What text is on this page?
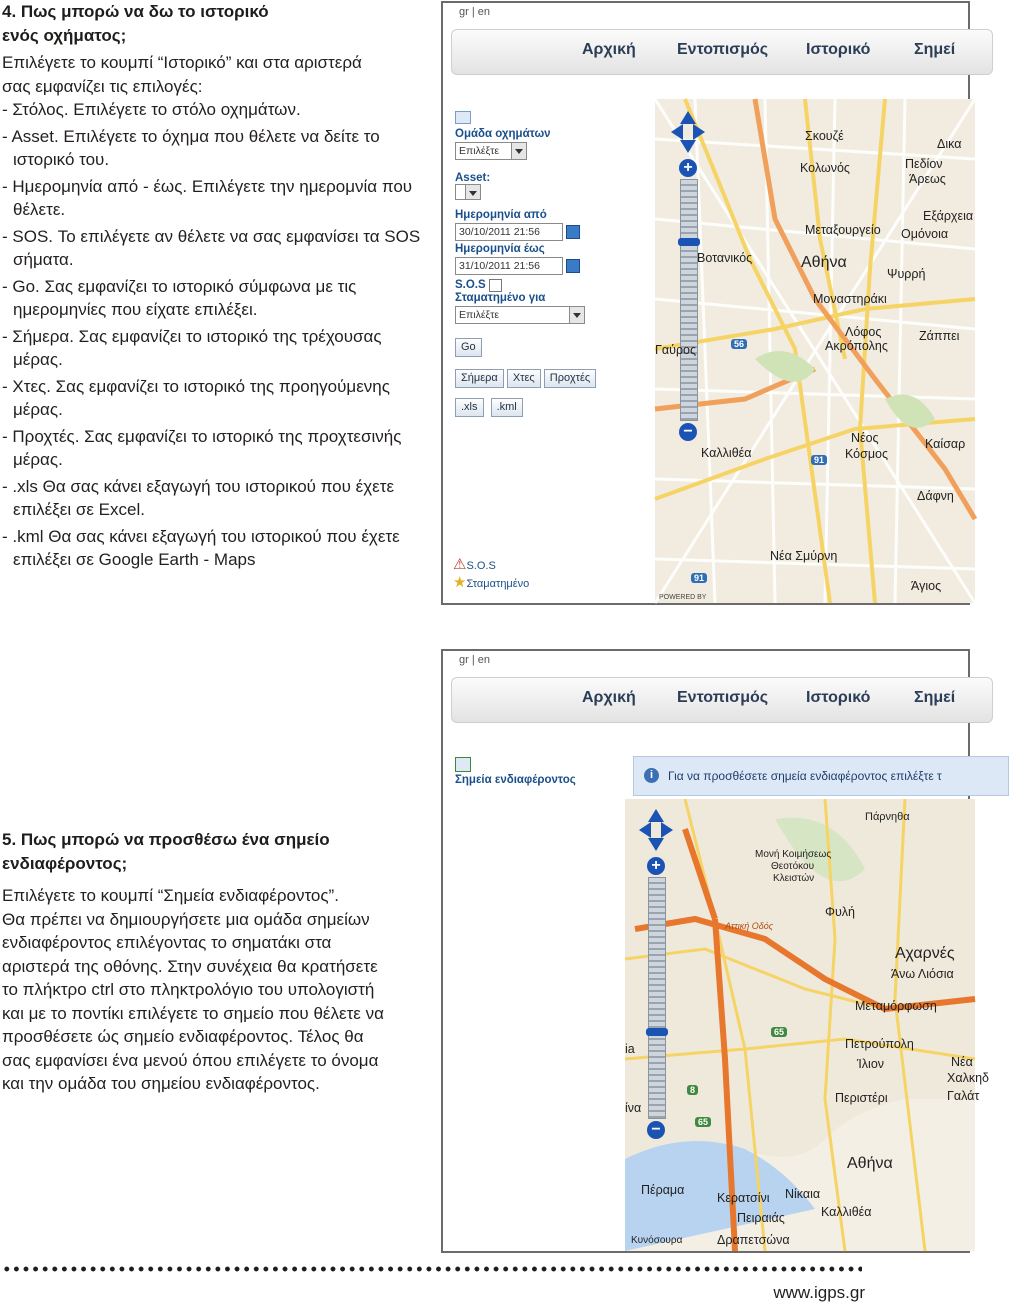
4. Πως μπορώ να δω το ιστορικό
ενός οχήματος;
Επιλέγετε το κουμπί “Ιστορικό” και στα αριστερά
σας εμφανίζει τις επιλογές:
- Στόλος. Επιλέγετε το στόλο οχημάτων.
- Asset. Επιλέγετε το όχημα που θέλετε να δείτε το ιστορικό του.
- Ημερομηνία από - έως. Επιλέγετε την ημερομνία που θέλετε.
- SOS. Το επιλέγετε αν θέλετε να σας εμφανίσει τα SOS σήματα.
- Go. Σας εμφανίζει το ιστορικό σύμφωνα με τις ημερομηνίες που είχατε επιλέξει.
- Σήμερα. Σας εμφανίζει το ιστορικό της τρέχουσας μέρας.
- Χτες. Σας εμφανίζει το ιστορικό της προηγούμενης μέρας.
- Προχτές. Σας εμφανίζει το ιστορικό της προχτεσινής μέρας.
- .xls Θα σας κάνει εξαγωγή του ιστορικού που έχετε επιλέξει σε Excel.
- .kml Θα σας κάνει εξαγωγή του ιστορικού που έχετε επιλέξει σε Google Earth - Maps
5. Πως μπορώ να προσθέσω ένα σημείο
ενδιαφέροντος;
Επιλέγετε το κουμπί “Σημεία ενδιαφέροντος”.
Θα πρέπει να δημιουργήσετε μια ομάδα σημείων
ενδιαφέροντος επιλέγοντας το σηματάκι στα
αριστερά της οθόνης. Στην συνέχεια θα κρατήσετε
το πλήκτρο ctrl στο πληκτρολόγιο του υπολογιστή
και με το ποντίκι επιλέγετε το σημείο που θέλετε να
προσθέσετε ώς σημείο ενδιαφέροντος. Τέλος θα
σας εμφανίσει ένα μενού όπου επιλέγετε το όνομα
και την ομάδα του σημείου ενδιαφέροντος.
gr | en
Αρχική	Εντοπισμός Ιστορικό	Σημεί
Ομάδα οχημάτων
Επιλέξτε
Asset:
Ημερομηνία από
30/10/2011 21:56
Ημερομηνία έως
31/10/2011 21:56
S.O.S
Σταματημένο για
Επιλέξτε
Go
Σήμερα Χτες Προχτές
.xls .kml
⚠S.O.S
★Σταματημένο
+
−
Σκουζέ
Κολωνός
Βοτανικός
Μεταξουργείο
Αθήνα
Ψυρρή
Μοναστηράκι
Λόφος
Ακρόπολης
Γαύρος
Καλλιθέα
Νέος
Κόσμος
Δάφνη
Νέα Σμύρνη
Άγιος
Πεδίον
Άρεως
Εξάρχεια
Ομόνοια
Ζάππει
Δικα
Καίσαρ
56
91
91
POWERED BY
gr | en
Αρχική	Εντοπισμός Ιστορικό	Σημεί
Σημεία ενδιαφέροντος	i	Για να προσθέσετε σημεία ενδιαφέροντος επιλέξτε τ
+
−
Πάρνηθα
Μονή Κοιμήσεως
Θεοτόκου
Κλειστών
Φυλή
Αττική Οδός
Αχαρνές
Άνω Λιόσια
Μεταμόρφωση
Πετρούπολη
Ίλιον
Περιστέρι
Αθήνα
Πέραμα
Κερατσίνι Νίκαια
Πειραιάς	Καλλιθέα
Κυνόσουρα	Δραπετσώνα
Νέα
Χαλκηδ
Γαλάτ
ia
ίνα
65
65
8
www.igps.gr
